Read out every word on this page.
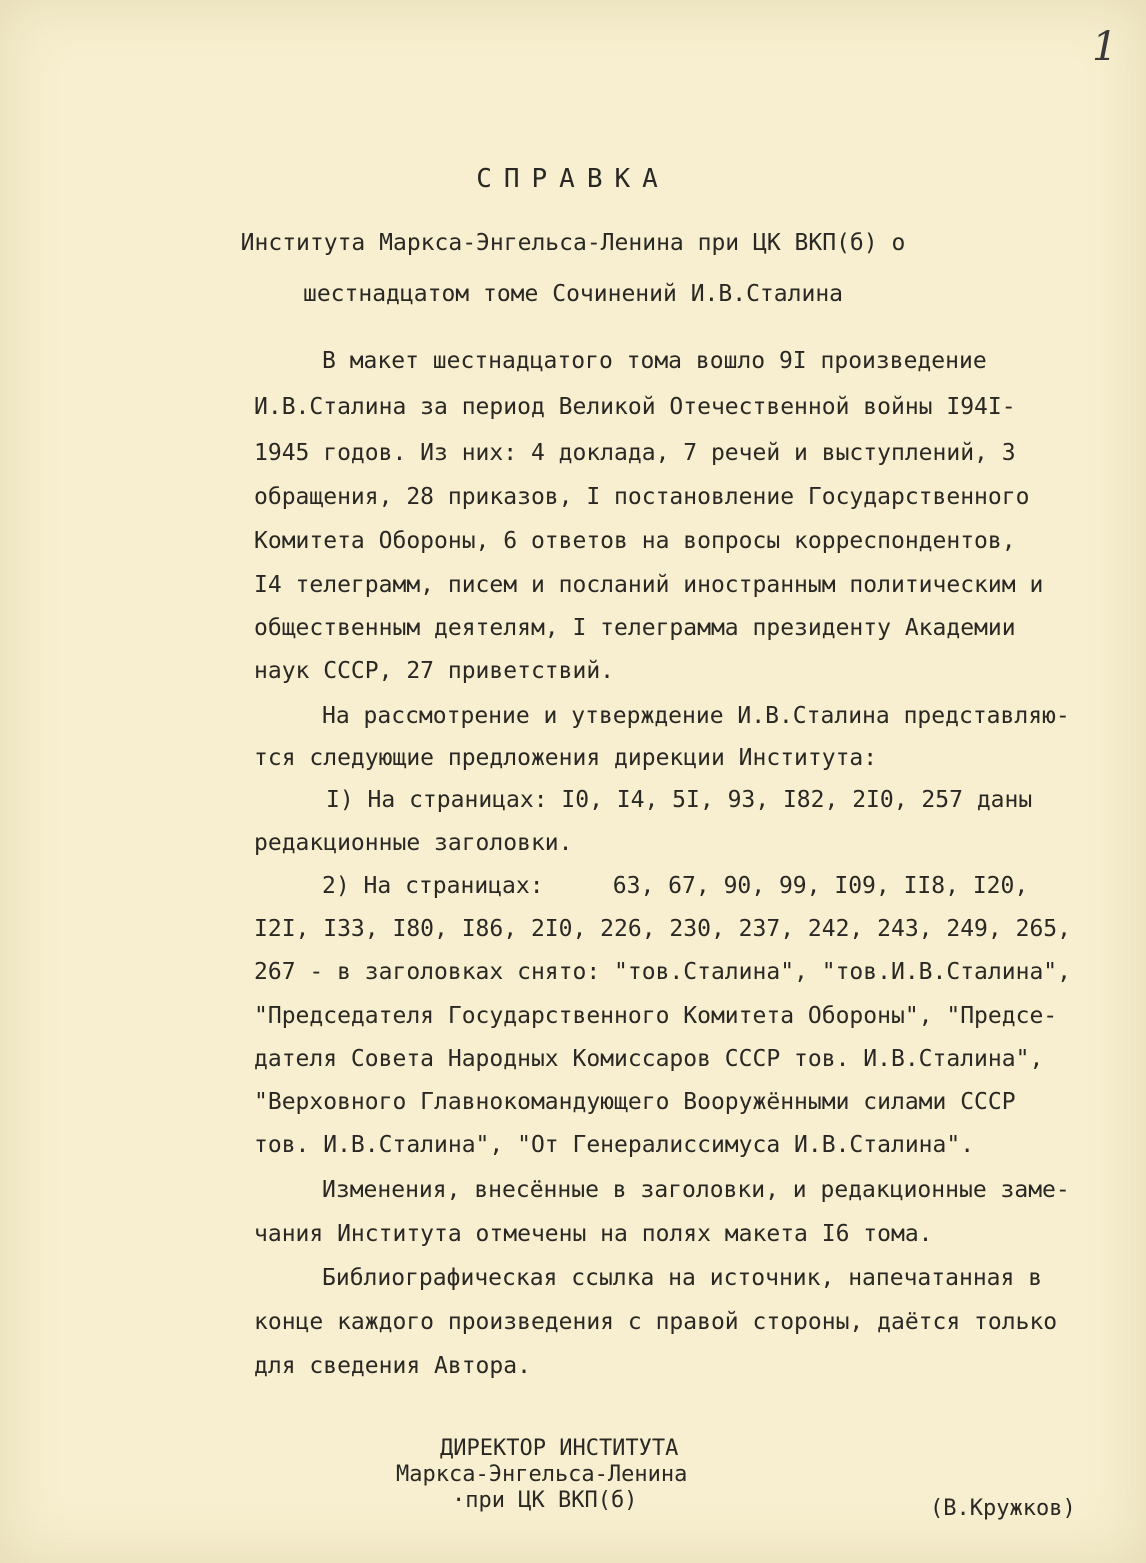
1
СПРАВКА
Института Маркса-Энгельса-Ленина при ЦК ВКП(б) о
шестнадцатом томе Сочинений И.В.Сталина
В макет шестнадцатого тома вошло 9I произведение
И.В.Сталина за период Великой Отечественной войны I94I-
1945 годов. Из них: 4 доклада, 7 речей и выступлений, 3
обращения, 28 приказов, I постановление Государственного
Комитета Обороны, 6 ответов на вопросы корреспондентов,
I4 телеграмм, писем и посланий иностранным политическим и
общественным деятелям, I телеграмма президенту Академии
наук СССР, 27 приветствий.
На рассмотрение и утверждение И.В.Сталина представляю-
тся следующие предложения дирекции Института:
I) На страницах: I0, I4, 5I, 93, I82, 2I0, 257 даны
редакционные заголовки.
2) На страницах:     63, 67, 90, 99, I09, II8, I20,
I2I, I33, I80, I86, 2I0, 226, 230, 237, 242, 243, 249, 265,
267 - в заголовках снято: "тов.Сталина", "тов.И.В.Сталина",
"Председателя Государственного Комитета Обороны", "Предсе-
дателя Совета Народных Комиссаров СССР тов. И.В.Сталина",
"Верховного Главнокомандующего Вооружёнными силами СССР
тов. И.В.Сталина", "От Генералиссимуса И.В.Сталина".
Изменения, внесённые в заголовки, и редакционные заме-
чания Института отмечены на полях макета I6 тома.
Библиографическая ссылка на источник, напечатанная в
конце каждого произведения с правой стороны, даётся только
для сведения Автора.
ДИРЕКТОР ИНСТИТУТА
Маркса-Энгельса-Ленина
·при ЦК ВКП(б)	(В.Кружков)
